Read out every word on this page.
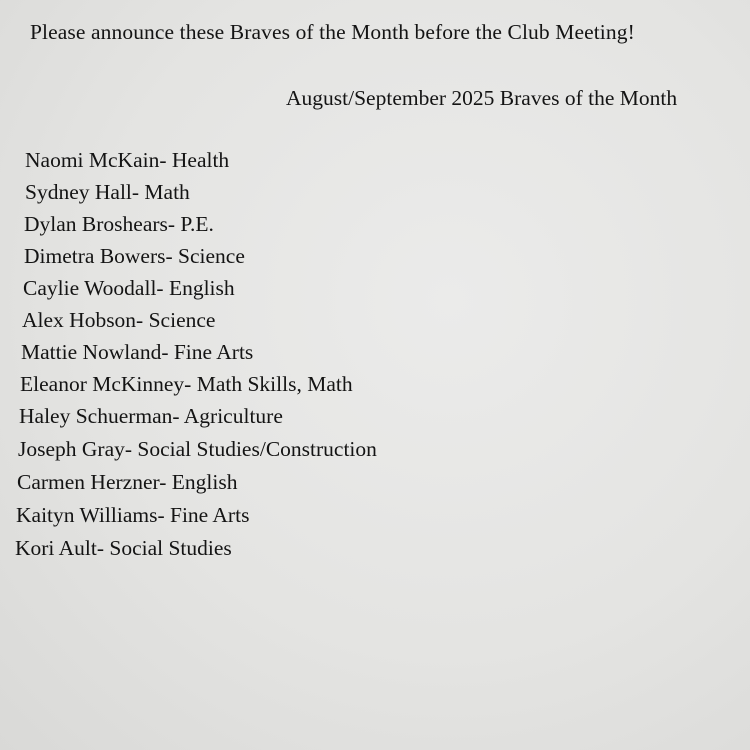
Please announce these Braves of the Month before the Club Meeting!
August/September 2025 Braves of the Month
Naomi McKain- Health
Sydney Hall- Math
Dylan Broshears- P.E.
Dimetra Bowers- Science
Caylie Woodall- English
Alex Hobson- Science
Mattie Nowland- Fine Arts
Eleanor McKinney- Math Skills, Math
Haley Schuerman- Agriculture
Joseph Gray- Social Studies/Construction
Carmen Herzner- English
Kaityn Williams- Fine Arts
Kori Ault- Social Studies
